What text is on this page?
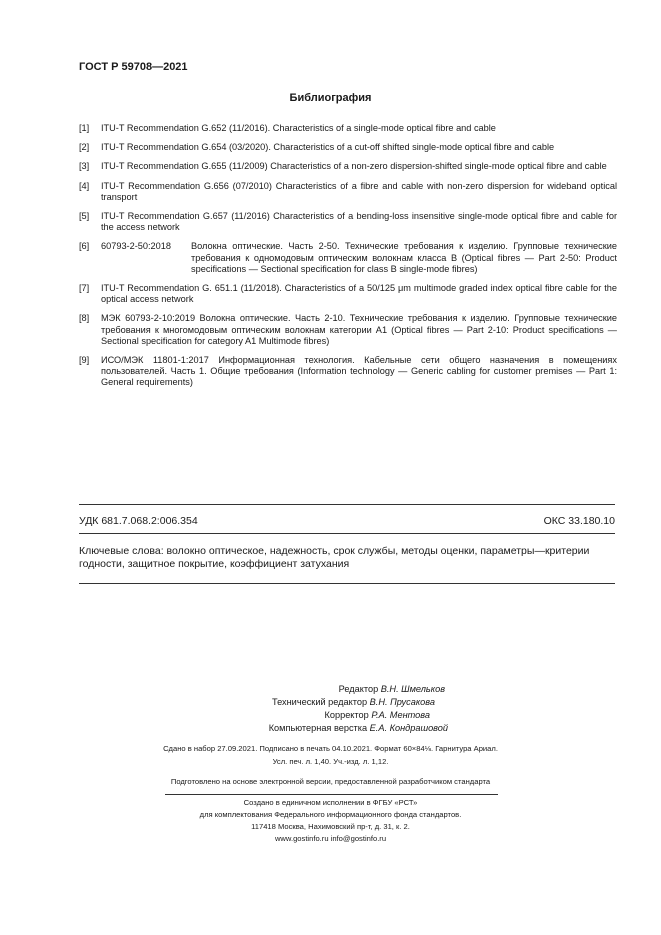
ГОСТ Р 59708—2021
Библиография
[1] ITU-T Recommendation G.652 (11/2016). Characteristics of a single-mode optical fibre and cable
[2] ITU-T Recommendation G.654 (03/2020). Characteristics of a cut-off shifted single-mode optical fibre and cable
[3] ITU-T Recommendation G.655 (11/2009) Characteristics of a non-zero dispersion-shifted single-mode optical fibre and cable
[4] ITU-T Recommendation G.656 (07/2010) Characteristics of a fibre and cable with non-zero dispersion for wideband optical transport
[5] ITU-T Recommendation G.657 (11/2016) Characteristics of a bending-loss insensitive single-mode optical fibre and cable for the access network
[6] 60793-2-50:2018 Волокна оптические. Часть 2-50. Технические требования к изделию. Групповые технические требования к одномодовым оптическим волокнам класса B (Optical fibres — Part 2-50: Product specifications — Sectional specification for class B single-mode fibres)
[7] ITU-T Recommendation G. 651.1 (11/2018). Characteristics of a 50/125 μm multimode graded index optical fibre cable for the optical access network
[8] МЭК 60793-2-10:2019 Волокна оптические. Часть 2-10. Технические требования к изделию. Групповые технические требования к многомодовым оптическим волокнам категории A1 (Optical fibres — Part 2-10: Product specifications — Sectional specification for category A1 Multimode fibres)
[9] ИСО/МЭК 11801-1:2017 Информационная технология. Кабельные сети общего назначения в помещениях пользователей. Часть 1. Общие требования (Information technology — Generic cabling for customer premises — Part 1: General requirements)
УДК 681.7.068.2:006.354	ОКС 33.180.10
Ключевые слова: волокно оптическое, надежность, срок службы, методы оценки, параметры—критерии годности, защитное покрытие, коэффициент затухания
Редактор В.Н. Шмельков
Технический редактор В.Н. Прусакова
Корректор Р.А. Ментова
Компьютерная верстка Е.А. Кондрашовой
Сдано в набор 27.09.2021. Подписано в печать 04.10.2021. Формат 60×84⅛. Гарнитура Ариал.
Усл. печ. л. 1,40. Уч.-изд. л. 1,12.
Подготовлено на основе электронной версии, предоставленной разработчиком стандарта
Создано в единичном исполнении в ФГБУ «РСТ»
для комплектования Федерального информационного фонда стандартов.
117418 Москва, Нахимовский пр-т, д. 31, к. 2.
www.gostinfo.ru info@gostinfo.ru
